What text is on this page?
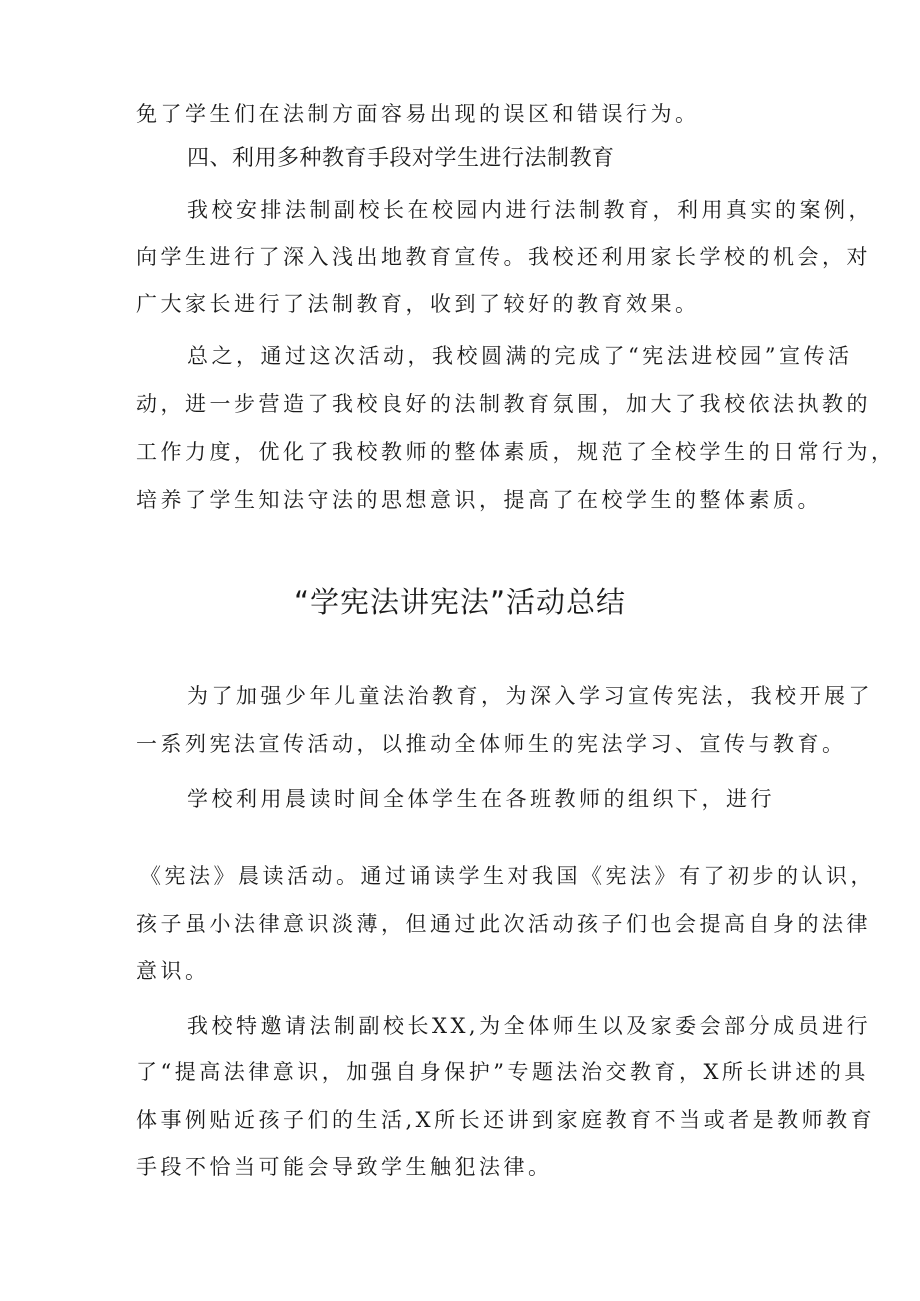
免了学生们在法制方面容易出现的误区和错误行为。
四、利用多种教育手段对学生进行法制教育
我校安排法制副校长在校园内进行法制教育，利用真实的案例，
向学生进行了深入浅出地教育宣传。我校还利用家长学校的机会，对
广大家长进行了法制教育，收到了较好的教育效果。
总之，通过这次活动，我校圆满的完成了“宪法进校园”宣传活
动，进一步营造了我校良好的法制教育氛围，加大了我校依法执教的
工作力度，优化了我校教师的整体素质，规范了全校学生的日常行为，
培养了学生知法守法的思想意识，提高了在校学生的整体素质。
“学宪法讲宪法”活动总结
为了加强少年儿童法治教育，为深入学习宣传宪法，我校开展了
一系列宪法宣传活动，以推动全体师生的宪法学习、宣传与教育。
学校利用晨读时间全体学生在各班教师的组织下，进行
《宪法》晨读活动。通过诵读学生对我国《宪法》有了初步的认识，
孩子虽小法律意识淡薄，但通过此次活动孩子们也会提高自身的法律
意识。
我校特邀请法制副校长XX,为全体师生以及家委会部分成员进行
了“提高法律意识，加强自身保护”专题法治交教育，X所长讲述的具
体事例贴近孩子们的生活,X所长还讲到家庭教育不当或者是教师教育
手段不恰当可能会导致学生触犯法律。
